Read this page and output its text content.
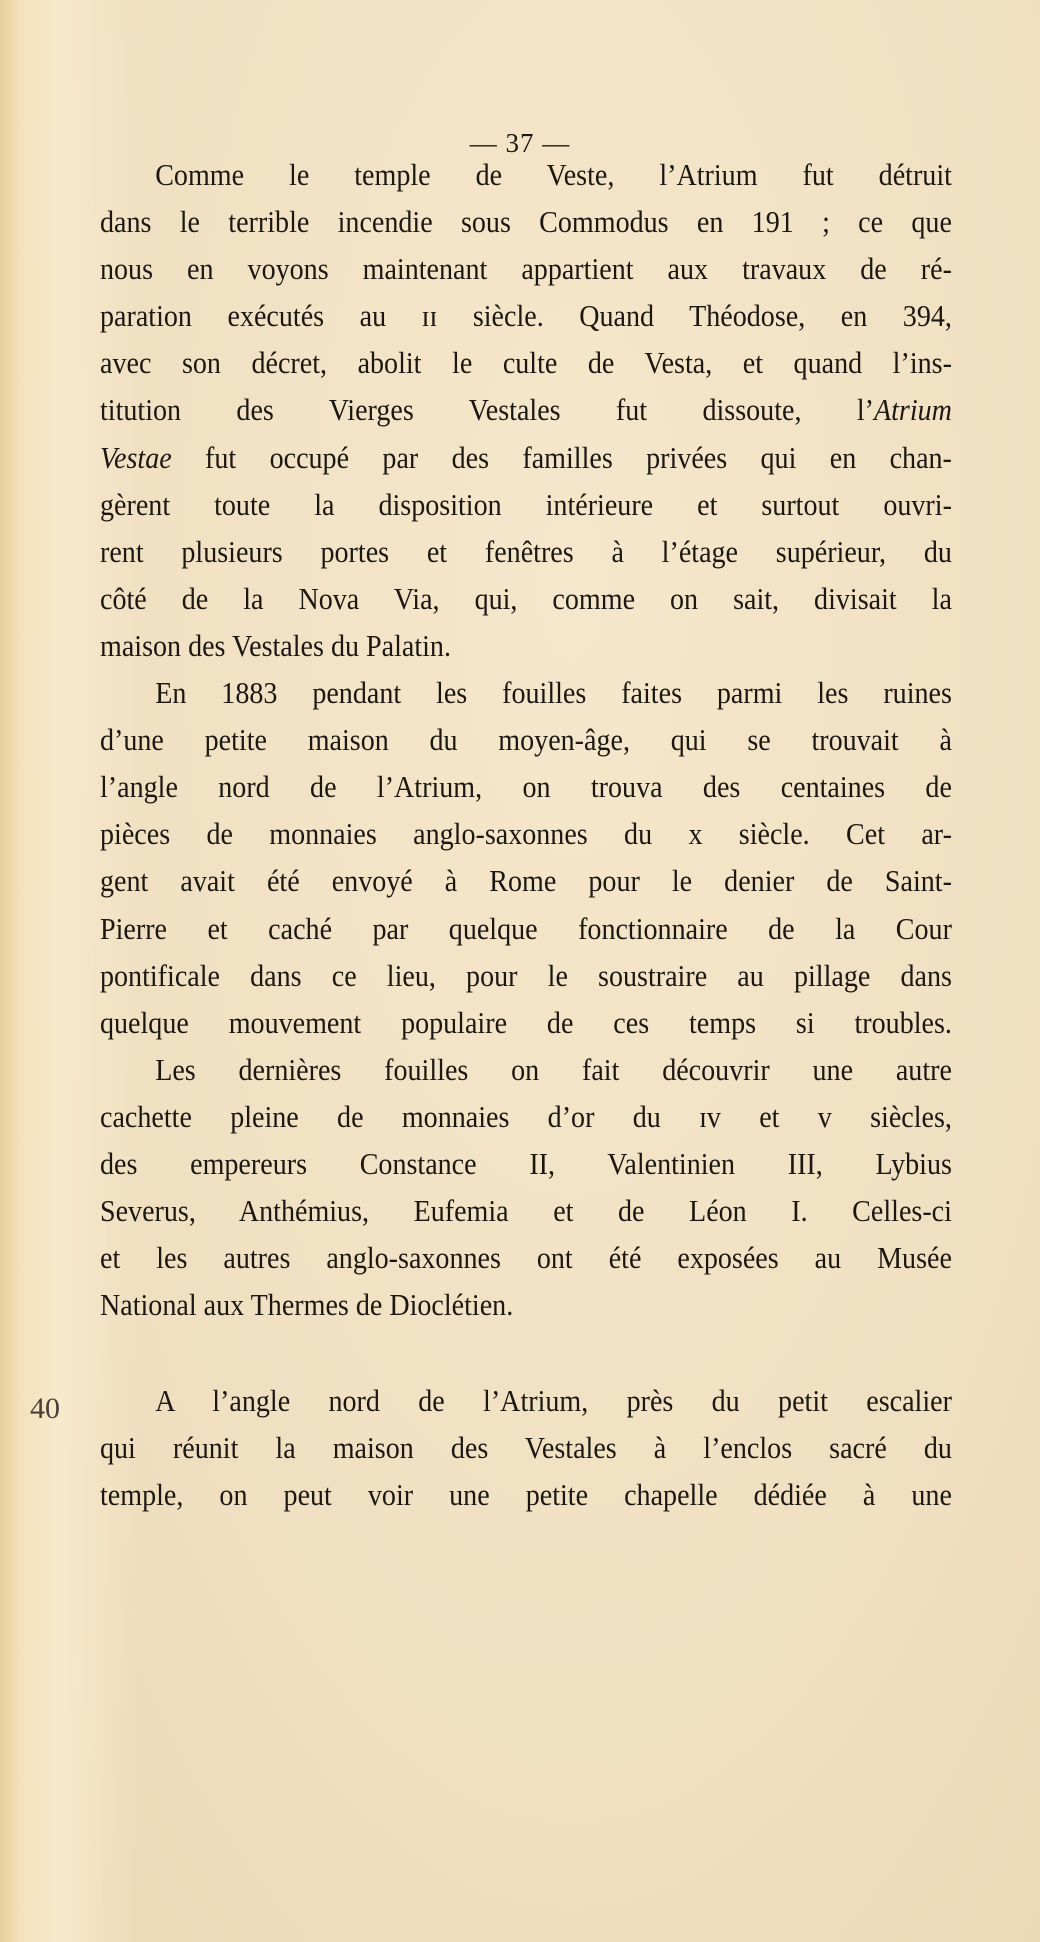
— 37 —
Comme le temple de Veste, l’Atrium fut détruit
dans le terrible incendie sous Commodus en 191 ; ce que
nous en voyons maintenant appartient aux travaux de ré-
paration exécutés au ɪɪ siècle. Quand Théodose, en 394,
avec son décret, abolit le culte de Vesta, et quand l’ins-
titution des Vierges Vestales fut dissoute, l’Atrium
Vestae fut occupé par des familles privées qui en chan-
gèrent toute la disposition intérieure et surtout ouvri-
rent plusieurs portes et fenêtres à l’étage supérieur, du
côté de la Nova Via, qui, comme on sait, divisait la
maison des Vestales du Palatin.
En 1883 pendant les fouilles faites parmi les ruines
d’une petite maison du moyen-âge, qui se trouvait à
l’angle nord de l’Atrium, on trouva des centaines de
pièces de monnaies anglo-saxonnes du x siècle. Cet ar-
gent avait été envoyé à Rome pour le denier de Saint-
Pierre et caché par quelque fonctionnaire de la Cour
pontificale dans ce lieu, pour le soustraire au pillage dans
quelque mouvement populaire de ces temps si troubles.
Les dernières fouilles on fait découvrir une autre
cachette pleine de monnaies d’or du ɪᴠ et ᴠ siècles,
des empereurs Constance II, Valentinien III, Lybius
Severus, Anthémius, Eufemia et de Léon I. Celles-ci
et les autres anglo-saxonnes ont été exposées au Musée
National aux Thermes de Dioclétien.
40	A l’angle nord de l’Atrium, près du petit escalier
qui réunit la maison des Vestales à l’enclos sacré du
temple, on peut voir une petite chapelle dédiée à une
